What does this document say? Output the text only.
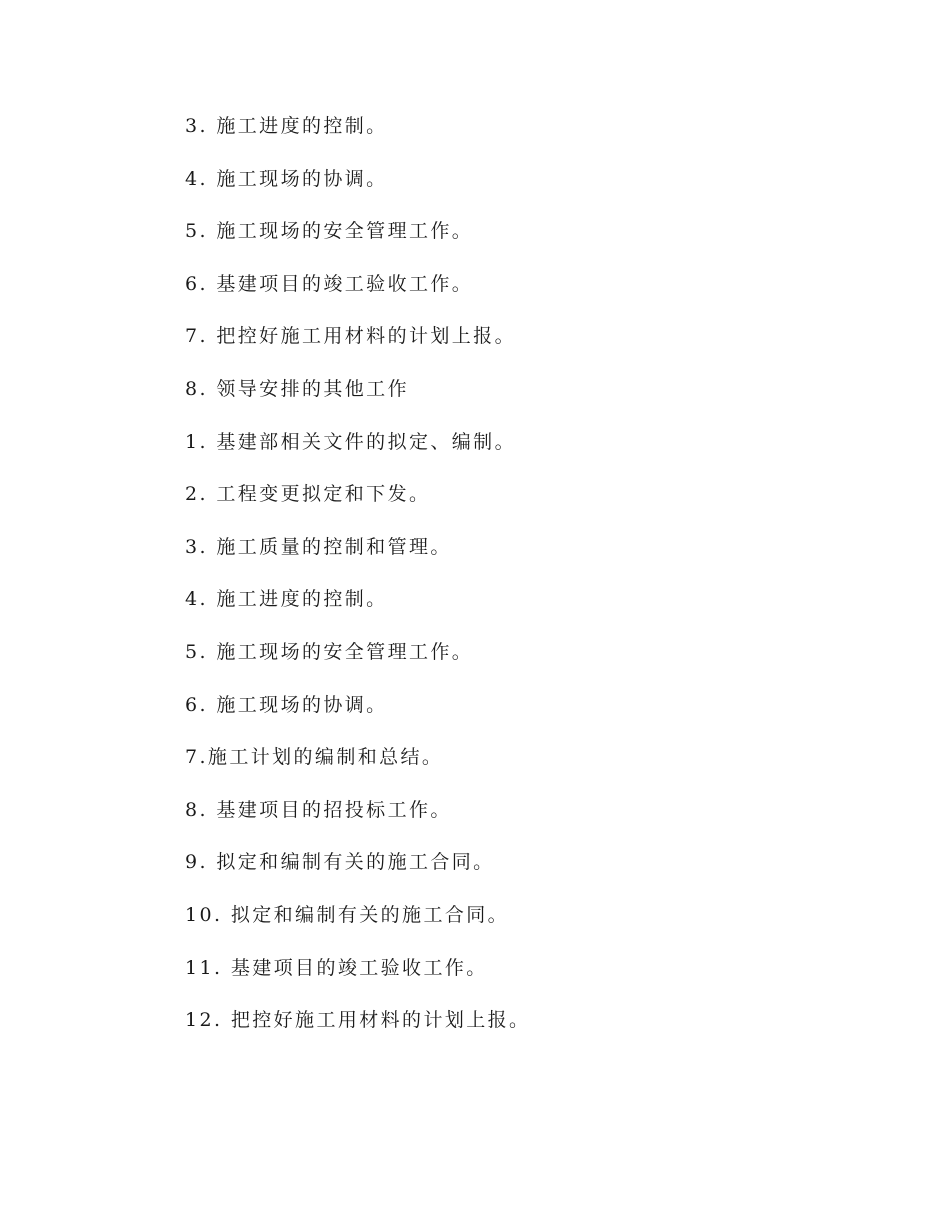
3. 施工进度的控制。
4. 施工现场的协调。
5. 施工现场的安全管理工作。
6. 基建项目的竣工验收工作。
7. 把控好施工用材料的计划上报。
8. 领导安排的其他工作
1. 基建部相关文件的拟定、编制。
2. 工程变更拟定和下发。
3. 施工质量的控制和管理。
4. 施工进度的控制。
5. 施工现场的安全管理工作。
6. 施工现场的协调。
7.施工计划的编制和总结。
8. 基建项目的招投标工作。
9. 拟定和编制有关的施工合同。
10. 拟定和编制有关的施工合同。
11. 基建项目的竣工验收工作。
12. 把控好施工用材料的计划上报。
